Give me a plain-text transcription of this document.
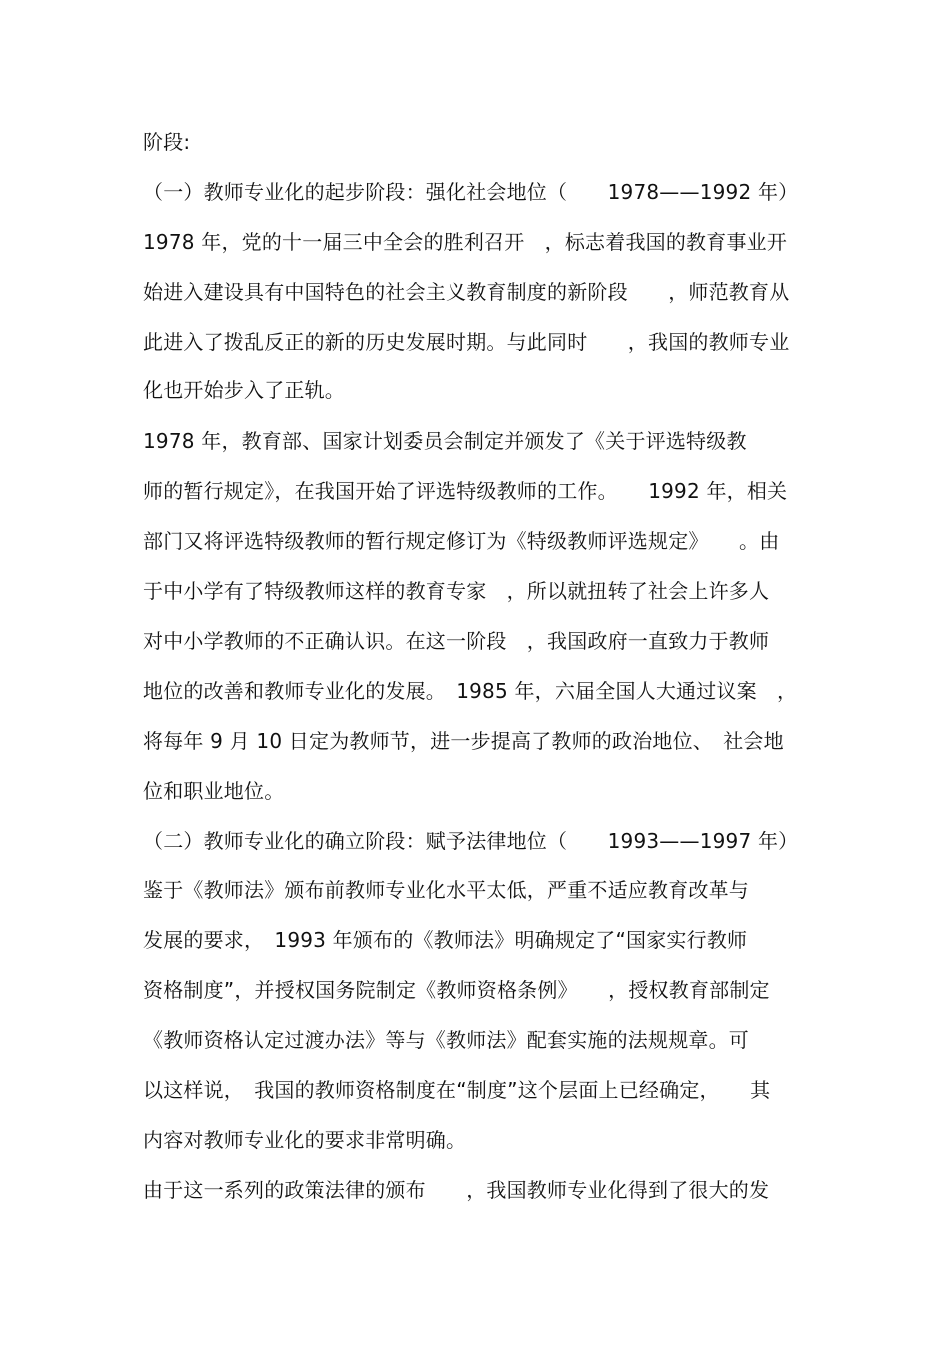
阶段:
（一）教师专业化的起步阶段：强化社会地位（　　1978——1992 年）
1978 年，党的十一届三中全会的胜利召开　，标志着我国的教育事业开
始进入建设具有中国特色的社会主义教育制度的新阶段　　，师范教育从
此进入了拨乱反正的新的历史发展时期。与此同时　　，我国的教师专业
化也开始步入了正轨。
1978 年，教育部、国家计划委员会制定并颁发了《关于评选特级教
师的暂行规定》，在我国开始了评选特级教师的工作。　　1992 年，相关
部门又将评选特级教师的暂行规定修订为《特级教师评选规定》　　。由
于中小学有了特级教师这样的教育专家　，所以就扭转了社会上许多人
对中小学教师的不正确认识。在这一阶段　，我国政府一直致力于教师
地位的改善和教师专业化的发展。　1985 年，六届全国人大通过议案　，
将每年 9 月 10 日定为教师节，进一步提高了教师的政治地位、　社会地
位和职业地位。
（二）教师专业化的确立阶段：赋予法律地位（　　1993——1997 年）
鉴于《教师法》颁布前教师专业化水平太低，严重不适应教育改革与
发展的要求，　1993 年颁布的《教师法》明确规定了“国家实行教师
资格制度”，并授权国务院制定《教师资格条例》　　，授权教育部制定
《教师资格认定过渡办法》等与《教师法》配套实施的法规规章。可
以这样说，　我国的教师资格制度在“制度”这个层面上已经确定，　　其
内容对教师专业化的要求非常明确。
由于这一系列的政策法律的颁布　　，我国教师专业化得到了很大的发
